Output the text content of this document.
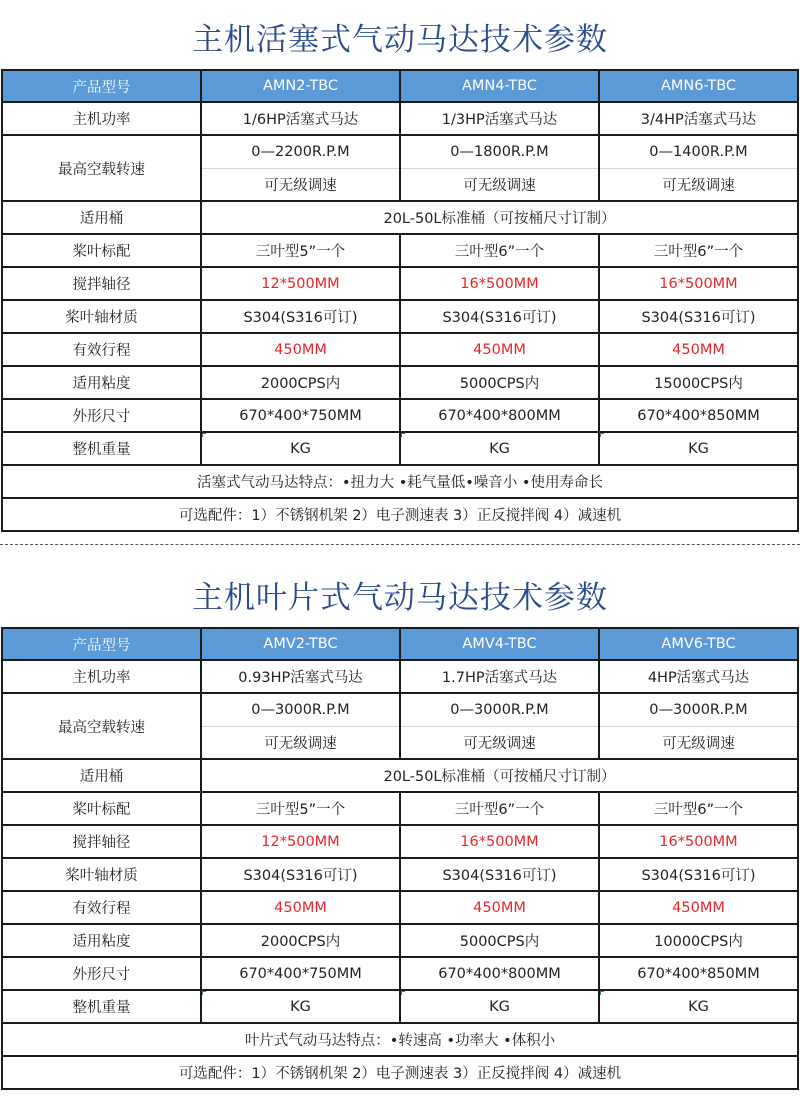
主机活塞式气动马达技术参数
产品型号	AMN2-TBC	AMN4-TBC	AMN6-TBC
主机功率	1/6HP活塞式马达	1/3HP活塞式马达	3/4HP活塞式马达
最高空载转速	0—2200R.P.M	0—1800R.P.M	0—1400R.P.M
	可无级调速	可无级调速	可无级调速
适用桶	20L-50L标准桶（可按桶尺寸订制）		
桨叶标配	三叶型5”一个	三叶型6”一个	三叶型6”一个
搅拌轴径	12*500MM	16*500MM	16*500MM
桨叶轴材质	S304(S316可订)	S304(S316可订)	S304(S316可订)
有效行程	450MM	450MM	450MM
适用粘度	2000CPS内	5000CPS内	15000CPS内
外形尺寸	670*400*750MM	670*400*800MM	670*400*850MM
整机重量	KG	KG	KG
活塞式气动马达特点：•扭力大 •耗气量低•噪音小 •使用寿命长			
可选配件：1）不锈钢机架 2）电子测速表 3）正反搅拌阀 4）减速机			
主机叶片式气动马达技术参数
产品型号	AMV2-TBC	AMV4-TBC	AMV6-TBC
主机功率	0.93HP活塞式马达	1.7HP活塞式马达	4HP活塞式马达
最高空载转速	0—3000R.P.M	0—3000R.P.M	0—3000R.P.M
	可无级调速	可无级调速	可无级调速
适用桶	20L-50L标准桶（可按桶尺寸订制）		
桨叶标配	三叶型5”一个	三叶型6”一个	三叶型6”一个
搅拌轴径	12*500MM	16*500MM	16*500MM
桨叶轴材质	S304(S316可订)	S304(S316可订)	S304(S316可订)
有效行程	450MM	450MM	450MM
适用粘度	2000CPS内	5000CPS内	10000CPS内
外形尺寸	670*400*750MM	670*400*800MM	670*400*850MM
整机重量	KG	KG	KG
叶片式气动马达特点：•转速高 •功率大 •体积小			
可选配件：1）不锈钢机架 2）电子测速表 3）正反搅拌阀 4）减速机			
